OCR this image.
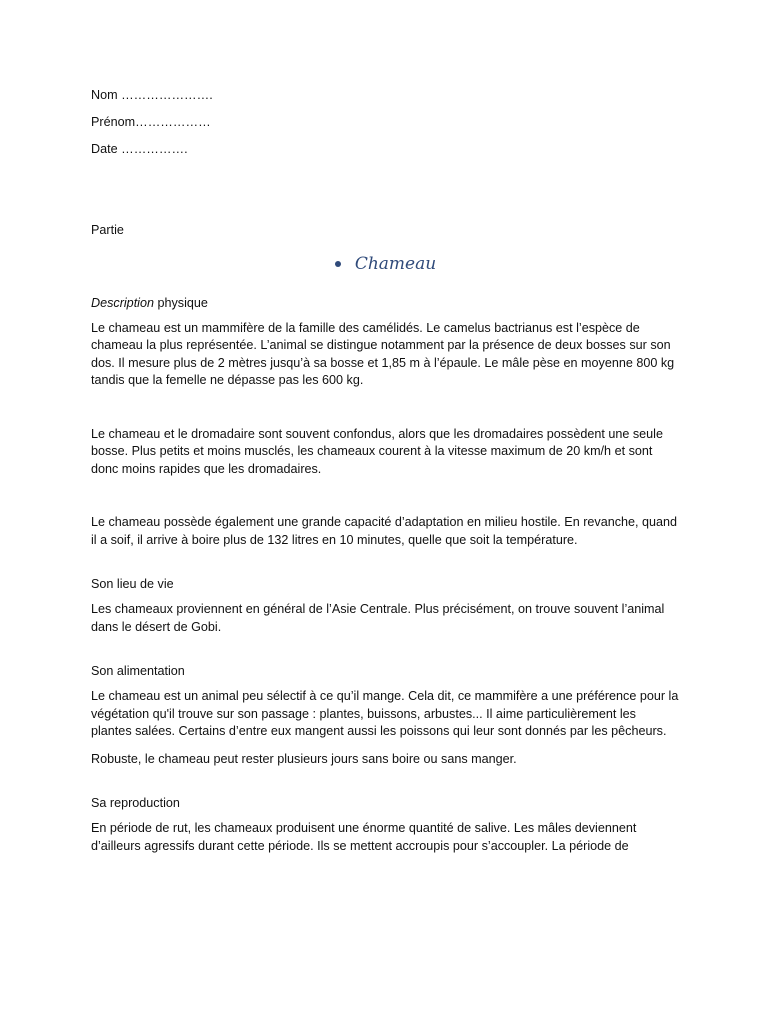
Nom ………………….

Prénom………………

Date …………….

Partie

Chameau

Description physique

Le chameau est un mammifère de la famille des camélidés. Le camelus bactrianus est l’espèce de chameau la plus représentée. L’animal se distingue notamment par la présence de deux bosses sur son dos. Il mesure plus de 2 mètres jusqu’à sa bosse et 1,85 m à l’épaule. Le mâle pèse en moyenne 800 kg tandis que la femelle ne dépasse pas les 600 kg.

Le chameau et le dromadaire sont souvent confondus, alors que les dromadaires possèdent une seule bosse. Plus petits et moins musclés, les chameaux courent à la vitesse maximum de 20 km/h et sont donc moins rapides que les dromadaires.

Le chameau possède également une grande capacité d’adaptation en milieu hostile. En revanche, quand il a soif, il arrive à boire plus de 132 litres en 10 minutes, quelle que soit la température.

Son lieu de vie

Les chameaux proviennent en général de l’Asie Centrale. Plus précisément, on trouve souvent l’animal dans le désert de Gobi.

Son alimentation

Le chameau est un animal peu sélectif à ce qu’il mange. Cela dit, ce mammifère a une préférence pour la végétation qu'il trouve sur son passage : plantes, buissons, arbustes... Il aime particulièrement les plantes salées. Certains d’entre eux mangent aussi les poissons qui leur sont donnés par les pêcheurs.

Robuste, le chameau peut rester plusieurs jours sans boire ou sans manger.

Sa reproduction

En période de rut, les chameaux produisent une énorme quantité de salive. Les mâles deviennent d’ailleurs agressifs durant cette période. Ils se mettent accroupis pour s’accoupler. La période de
